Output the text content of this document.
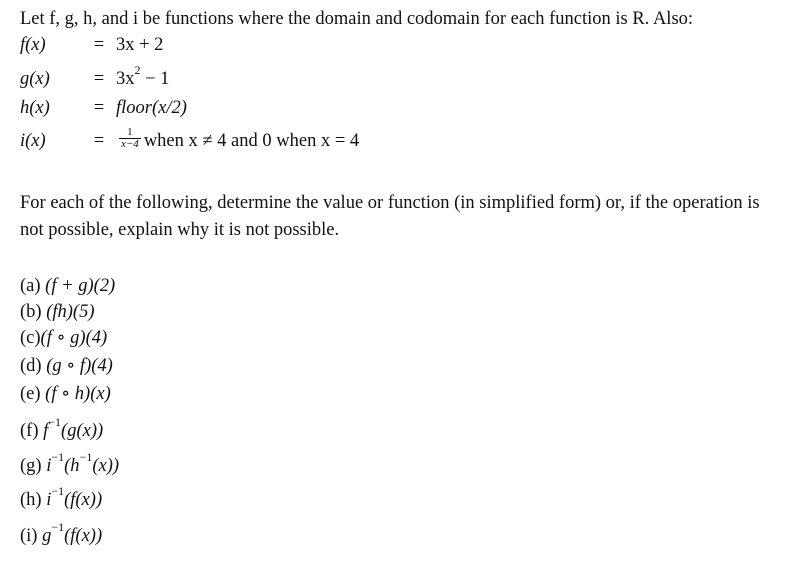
Let f, g, h, and i be functions where the domain and codomain for each function is R. Also:
f(x)	= 3x + 2
$g(x) = 3x^2 - 1$
h(x) = floor(x/2)
i(x)	= $\frac{1}{x-4}$ when x ≠ 4 and 0 when x = 4
For each of the following, determine the value or function (in simplified form) or, if the operation is not possible, explain why it is not possible.
(a) (f + g)(2)
(b) (fh)(5)
(c)(f ∘ g)(4)
(d) (g ∘ f)(4)
(e) (f ∘ h)(x)
(f) $f^{-1}(g(x))$
(g) $i^{-1}(h^{-1}(x))$
(h) $i^{-1}(f(x))$
(i) $g^{-1}(f(x))$
